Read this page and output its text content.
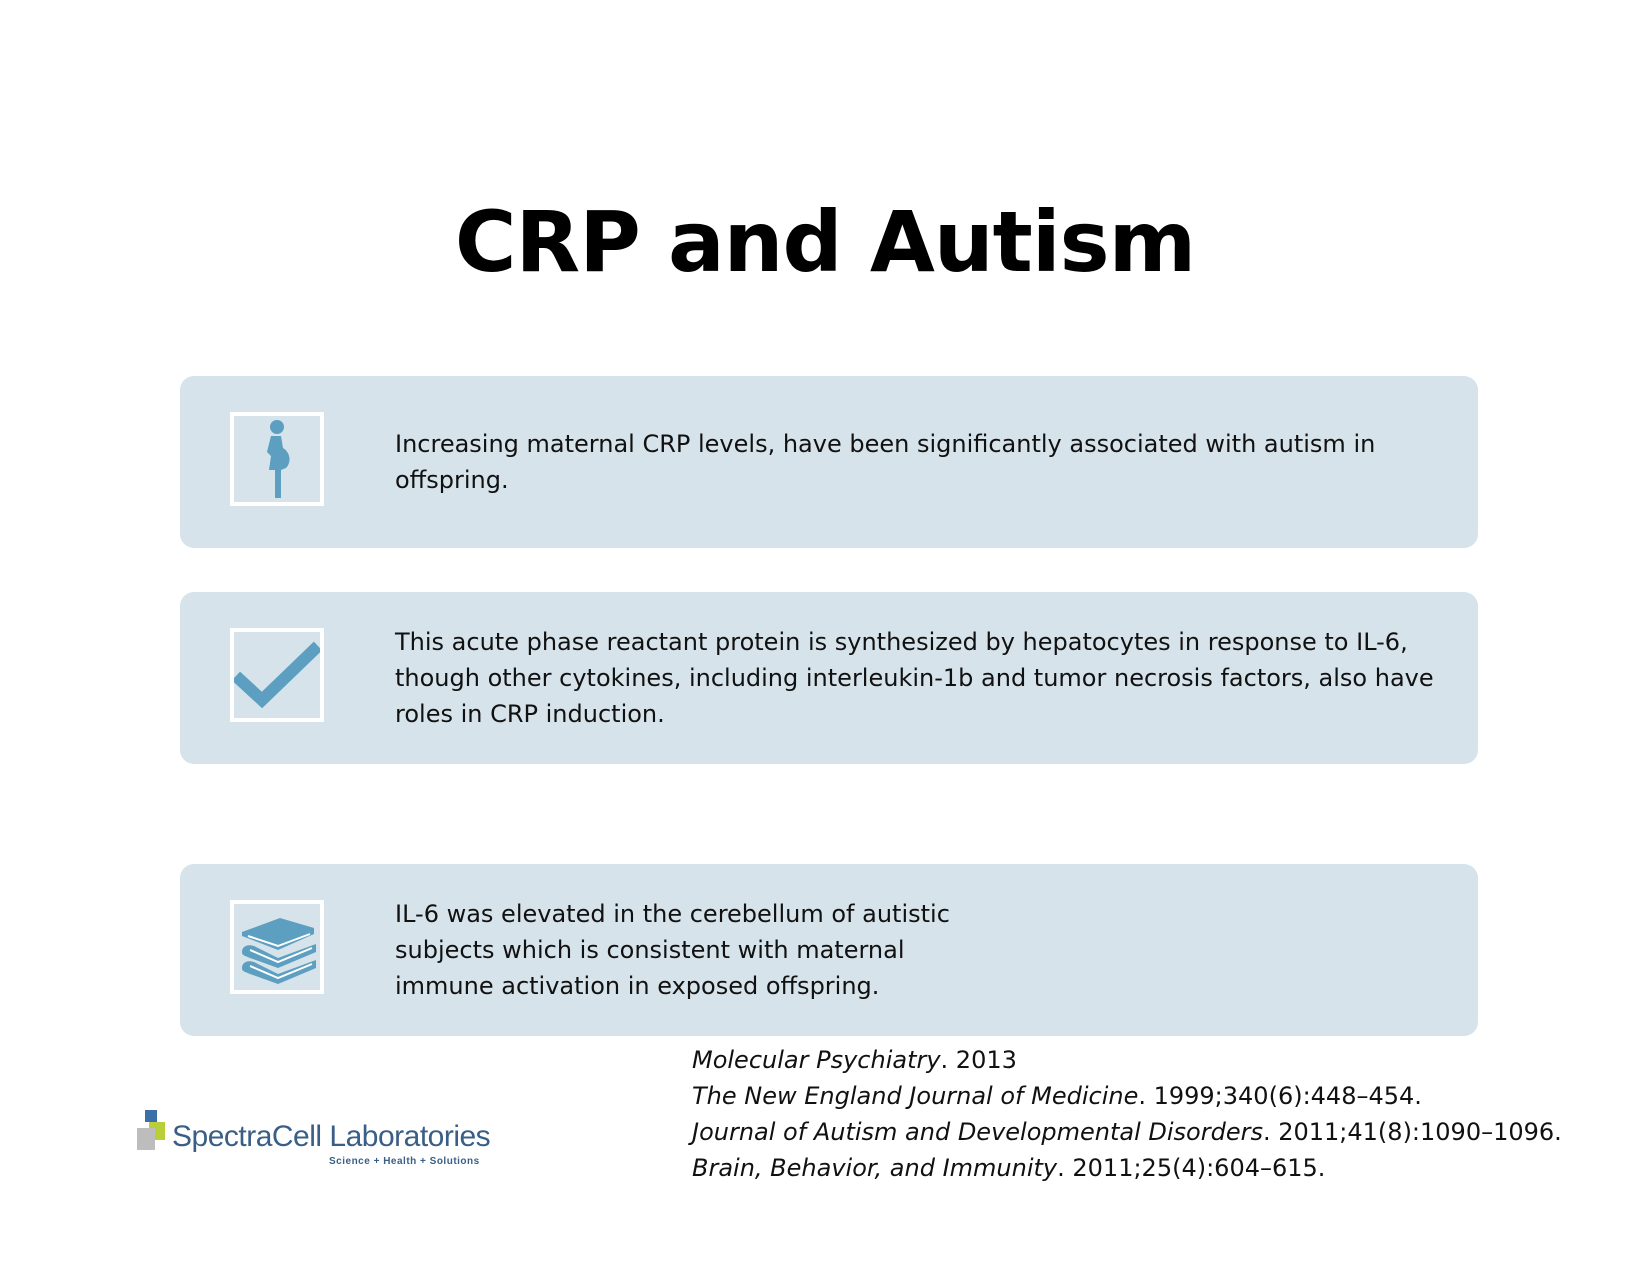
CRP and Autism
Increasing maternal CRP levels, have been significantly associated with autism in offspring.
This acute phase reactant protein is synthesized by hepatocytes in response to IL-6, though other cytokines, including interleukin-1b and tumor necrosis factors, also have roles in CRP induction.
IL-6 was elevated in the cerebellum of autistic subjects which is consistent with maternal immune activation in exposed offspring.
Molecular Psychiatry. 2013
The New England Journal of Medicine. 1999;340(6):448–454.
Journal of Autism and Developmental Disorders. 2011;41(8):1090–1096.
Brain, Behavior, and Immunity. 2011;25(4):604–615.
SpectraCell Laboratories
Science + Health + Solutions
